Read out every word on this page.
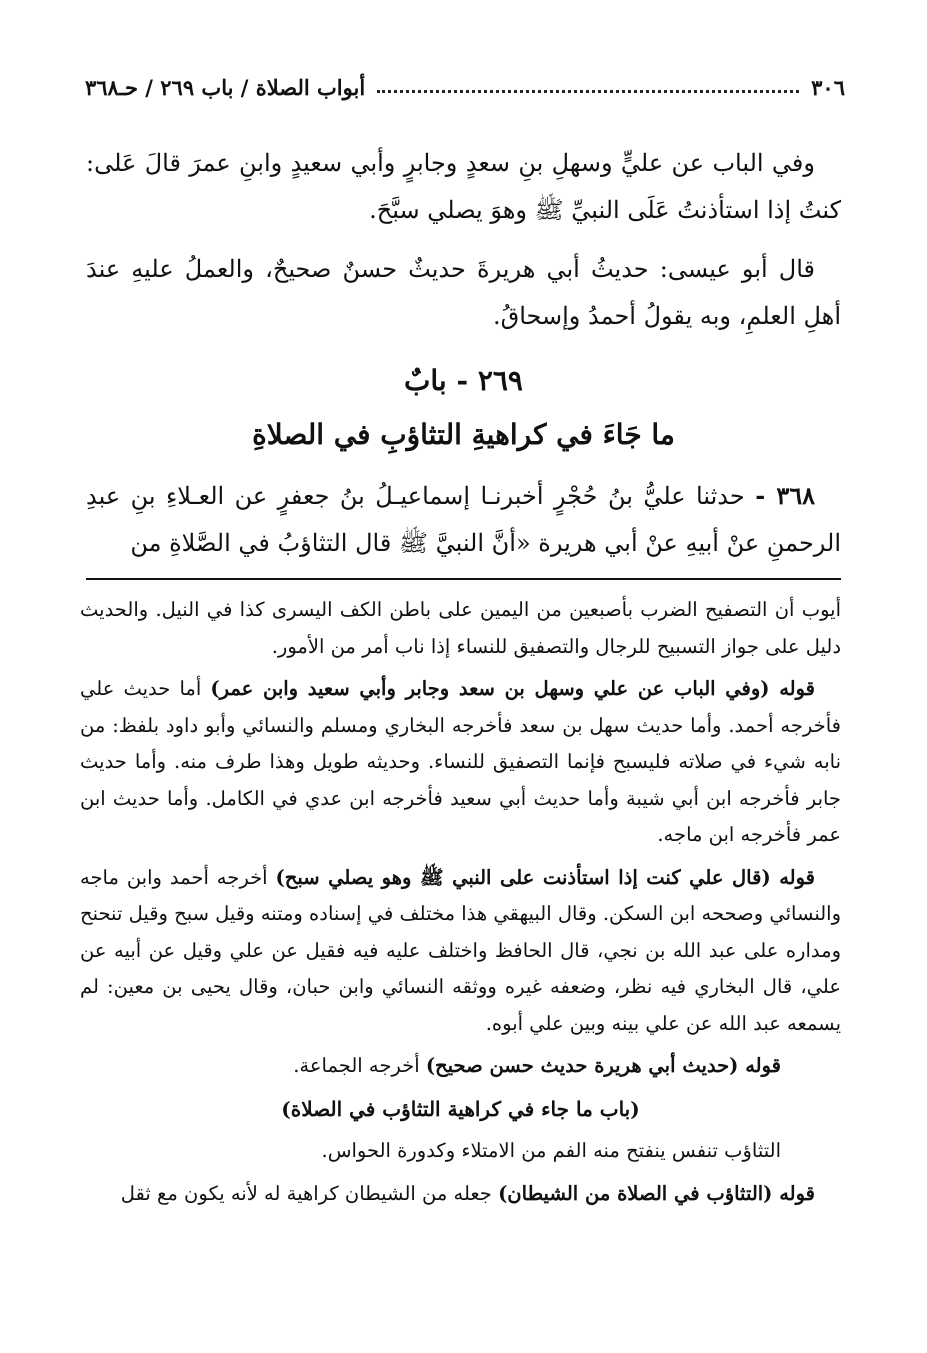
٣٠٦
أبواب الصلاة / باب ٢٦٩ / حـ٣٦٨

وفي الباب عن عليٍّ وسهلِ بنِ سعدٍ وجابرٍ وأبي سعيدٍ وابنِ عمرَ قالَ عَلى: كنتُ إذا استأذنتُ عَلَى النبيِّ ﷺ وهوَ يصلي سبَّحَ.

قال أبو عيسى: حديثُ أبي هريرةَ حديثٌ حسنٌ صحيحٌ، والعملُ عليهِ عندَ أهلِ العلمِ، وبه يقولُ أحمدُ وإسحاقُ.

٢٦٩ - بابٌ
ما جَاءَ في كراهيةِ التثاؤبِ في الصلاةِ

٣٦٨ - حدثنا عليُّ بنُ حُجْرٍ أخبرنـا إسماعيـلُ بنُ جعفرٍ عن العـلاءِ بنِ عبدِ الرحمنِ عنْ أبيهِ عنْ أبي هريرة «أنَّ النبيَّ ﷺ قال التثاؤبُ في الصَّلاةِ من

أيوب أن التصفيح الضرب بأصبعين من اليمين على باطن الكف اليسرى كذا في النيل. والحديث دليل على جواز التسبيح للرجال والتصفيق للنساء إذا ناب أمر من الأمور.

قوله (وفي الباب عن علي وسهل بن سعد وجابر وأبي سعيد وابن عمر) أما حديث علي فأخرجه أحمد. وأما حديث سهل بن سعد فأخرجه البخاري ومسلم والنسائي وأبو داود بلفظ: من نابه شيء في صلاته فليسبح فإنما التصفيق للنساء. وحديثه طويل وهذا طرف منه. وأما حديث جابر فأخرجه ابن أبي شيبة وأما حديث أبي سعيد فأخرجه ابن عدي في الكامل. وأما حديث ابن عمر فأخرجه ابن ماجه.

قوله (قال علي كنت إذا استأذنت على النبي ﷺ وهو يصلي سبح) أخرجه أحمد وابن ماجه والنسائي وصححه ابن السكن. وقال البيهقي هذا مختلف في إسناده ومتنه وقيل سبح وقيل تنحنح ومداره على عبد الله بن نجي، قال الحافظ واختلف عليه فيه فقيل عن علي وقيل عن أبيه عن علي، قال البخاري فيه نظر، وضعفه غيره ووثقه النسائي وابن حبان، وقال يحيى بن معين: لم يسمعه عبد الله عن علي بينه وبين علي أبوه.

قوله (حديث أبي هريرة حديث حسن صحيح) أخرجه الجماعة.

(باب ما جاء في كراهية التثاؤب في الصلاة)

التثاؤب تنفس ينفتح منه الفم من الامتلاء وكدورة الحواس.

قوله (التثاؤب في الصلاة من الشيطان) جعله من الشيطان كراهية له لأنه يكون مع ثقل
